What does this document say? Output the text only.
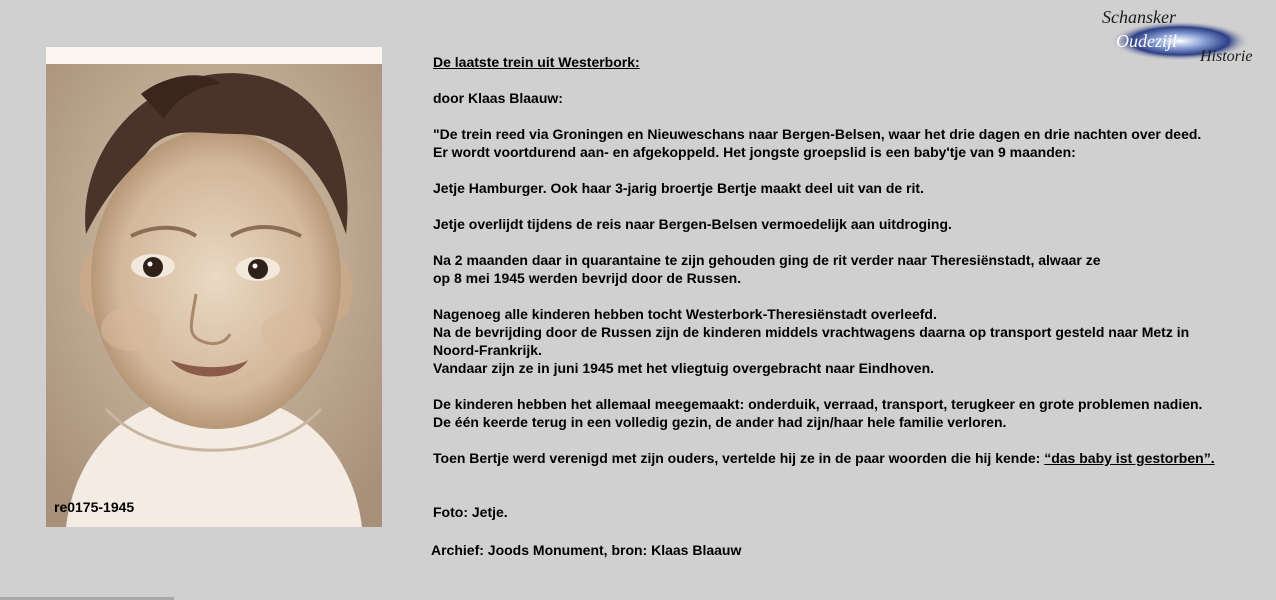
re0175-1945
Schansker
Oudezijl
Historie

De laatste trein uit Westerbork:

door Klaas Blaauw:

"De trein reed via Groningen en Nieuweschans naar Bergen-Belsen, waar het drie dagen en drie nachten over deed.

Er wordt voortdurend aan- en afgekoppeld. Het jongste groepslid is een baby'tje van 9 maanden:

Jetje Hamburger. Ook haar 3-jarig broertje Bertje maakt deel uit van de rit.

Jetje overlijdt tijdens de reis naar Bergen-Belsen vermoedelijk aan uitdroging.

Na 2 maanden daar in quarantaine te zijn gehouden ging de rit verder naar Theresiënstadt, alwaar ze

op 8 mei 1945 werden bevrijd door de Russen.

Nagenoeg alle kinderen hebben tocht Westerbork-Theresiënstadt overleefd.

Na de bevrijding door de Russen zijn de kinderen middels vrachtwagens daarna op transport gesteld naar Metz in

Noord-Frankrijk.

Vandaar zijn ze in juni 1945 met het vliegtuig overgebracht naar Eindhoven.

De kinderen hebben het allemaal meegemaakt: onderduik, verraad, transport, terugkeer en grote problemen nadien.

De één keerde terug in een volledig gezin, de ander had zijn/haar hele familie verloren.

Toen Bertje werd verenigd met zijn ouders, vertelde hij ze in de paar woorden die hij kende: “das baby ist gestorben”.

Foto: Jetje.

Archief: Joods Monument, bron: Klaas Blaauw
